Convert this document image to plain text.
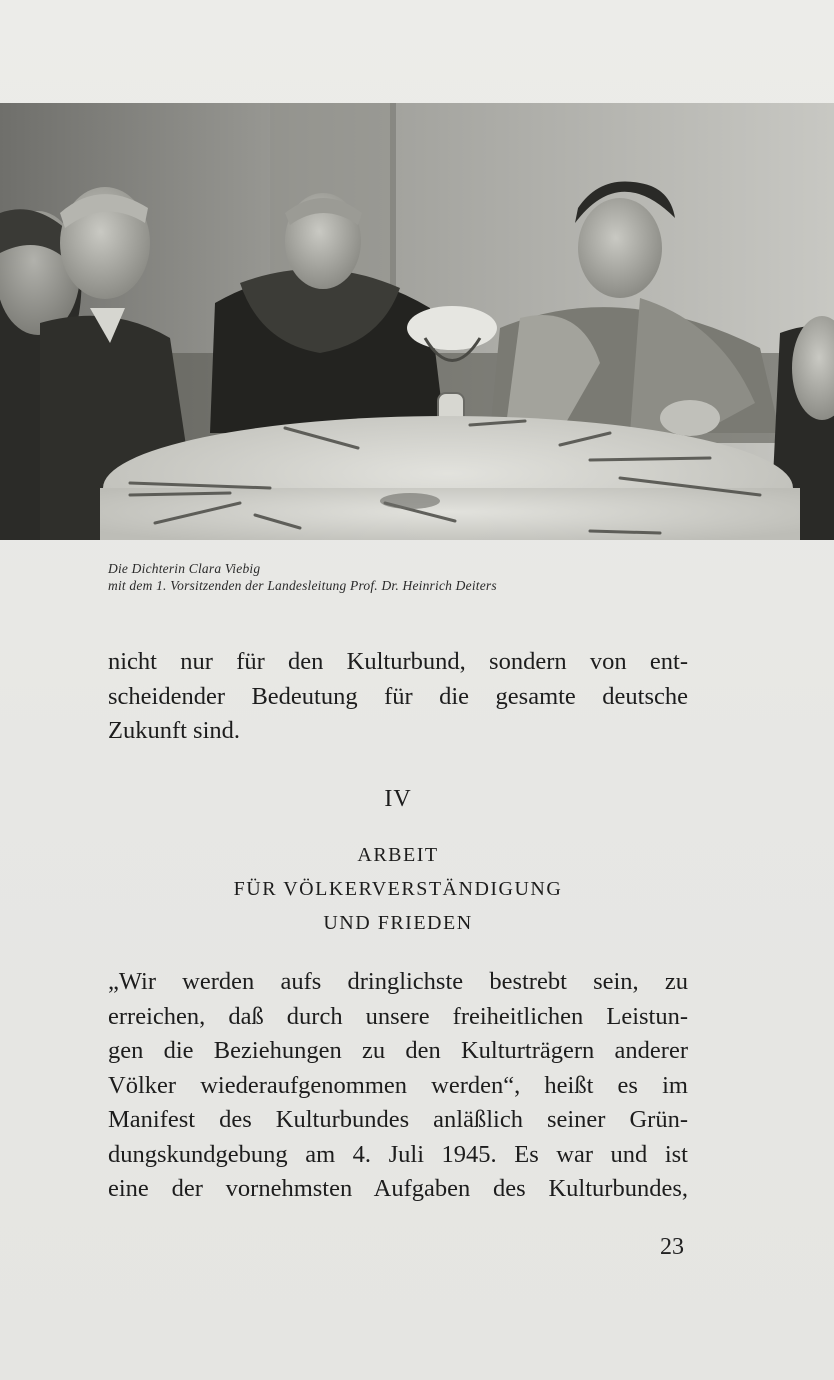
Die Dichterin Clara Viebig
mit dem 1. Vorsitzenden der Landesleitung Prof. Dr. Heinrich Deiters
nicht nur für den Kulturbund, sondern von ent-
scheidender Bedeutung für die gesamte deutsche
Zukunft sind.
IV
ARBEIT
FÜR VÖLKERVERSTÄNDIGUNG
UND FRIEDEN
„Wir werden aufs dringlichste bestrebt sein, zu
erreichen, daß durch unsere freiheitlichen Leistun-
gen die Beziehungen zu den Kulturträgern anderer
Völker wiederaufgenommen werden“, heißt es im
Manifest des Kulturbundes anläßlich seiner Grün-
dungskundgebung am 4. Juli 1945. Es war und ist
eine der vornehmsten Aufgaben des Kulturbundes,
23
